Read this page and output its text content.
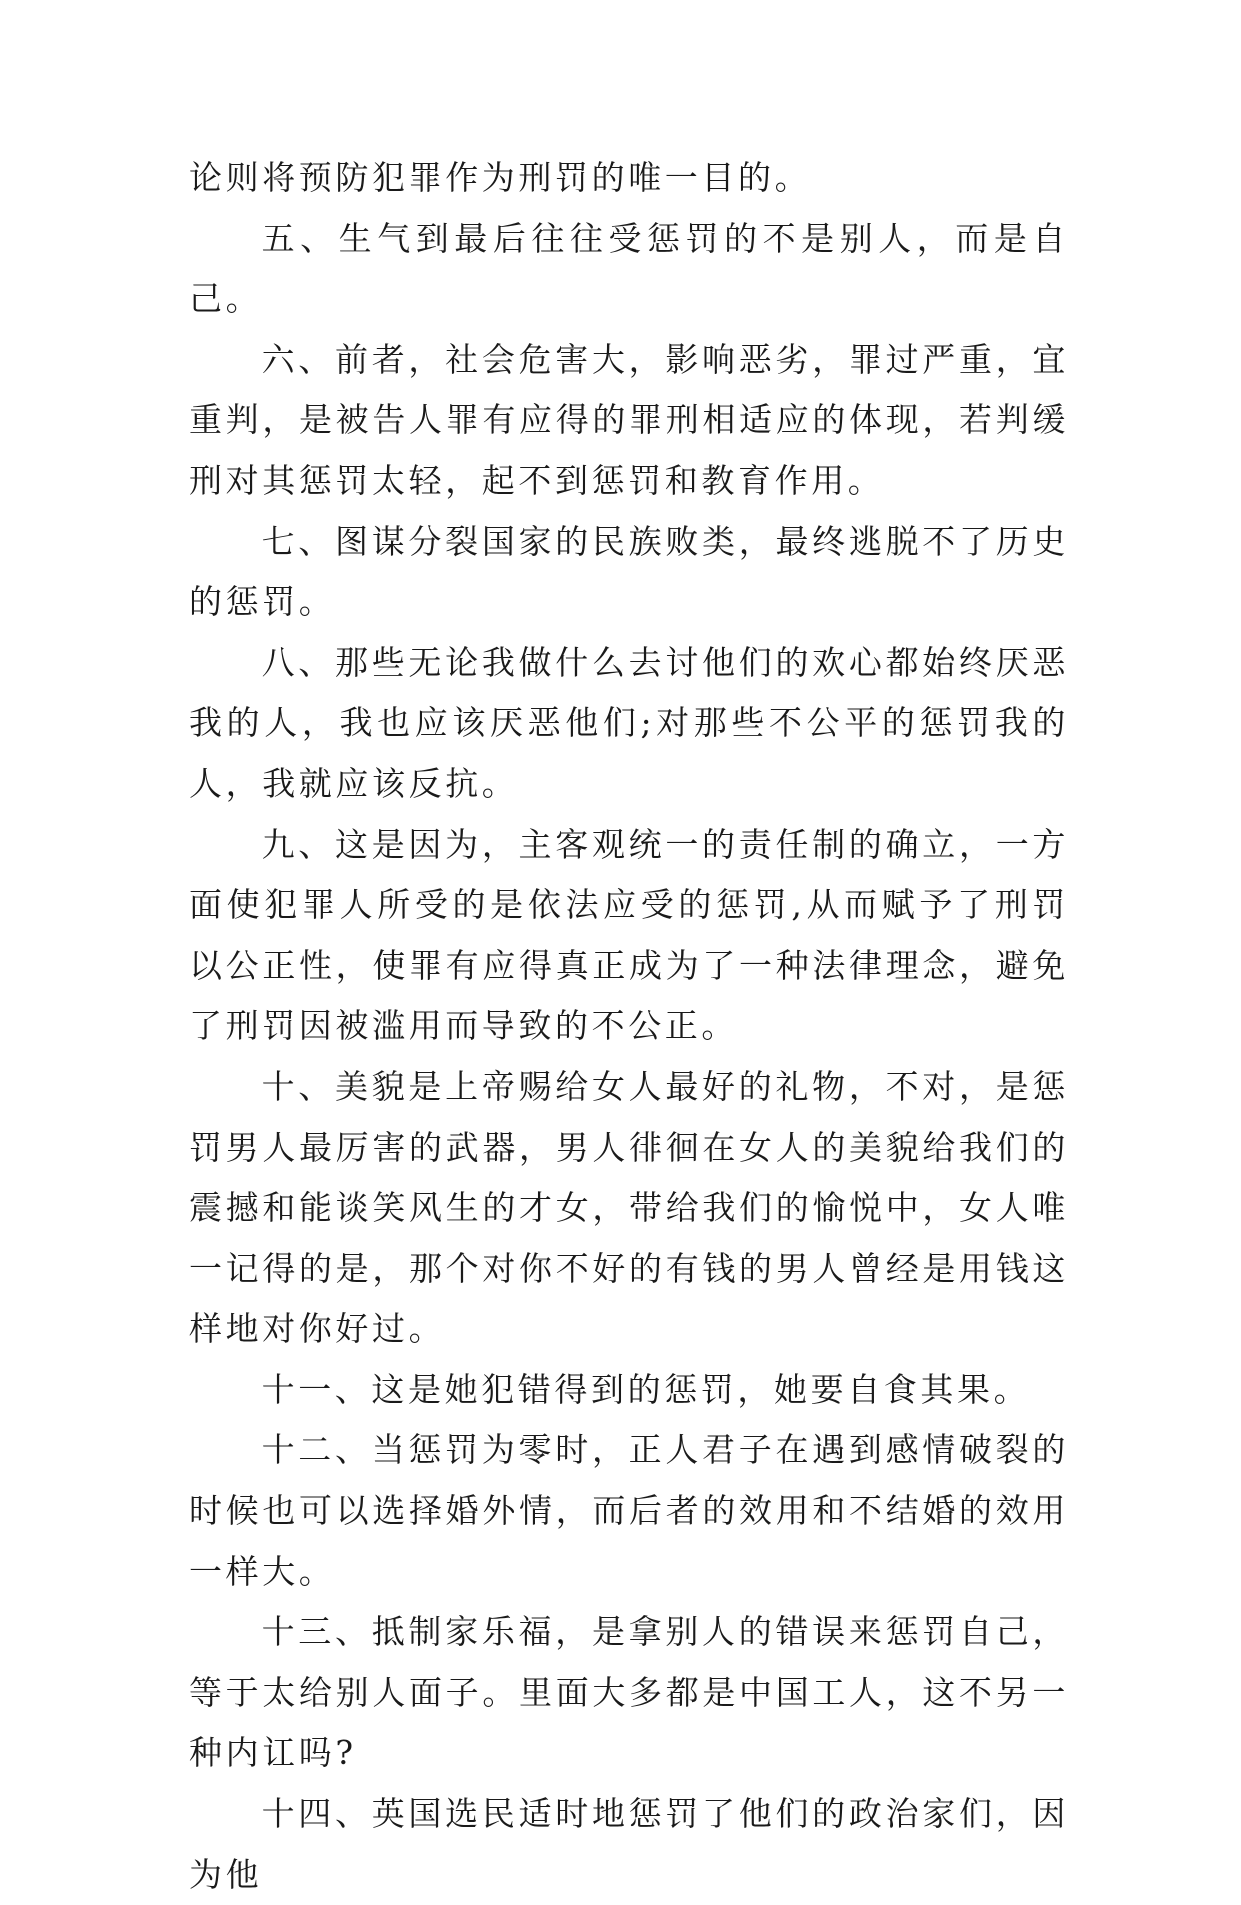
论则将预防犯罪作为刑罚的唯一目的。

五、生气到最后往往受惩罚的不是别人，而是自己。

六、前者，社会危害大，影响恶劣，罪过严重，宜重判，是被告人罪有应得的罪刑相适应的体现，若判缓刑对其惩罚太轻，起不到惩罚和教育作用。

七、图谋分裂国家的民族败类，最终逃脱不了历史的惩罚。

八、那些无论我做什么去讨他们的欢心都始终厌恶我的人，我也应该厌恶他们;对那些不公平的惩罚我的人，我就应该反抗。

九、这是因为，主客观统一的责任制的确立，一方面使犯罪人所受的是依法应受的惩罚,从而赋予了刑罚以公正性，使罪有应得真正成为了一种法律理念，避免了刑罚因被滥用而导致的不公正。

十、美貌是上帝赐给女人最好的礼物，不对，是惩罚男人最厉害的武器，男人徘徊在女人的美貌给我们的震撼和能谈笑风生的才女，带给我们的愉悦中，女人唯一记得的是，那个对你不好的有钱的男人曾经是用钱这样地对你好过。

十一、这是她犯错得到的惩罚，她要自食其果。

十二、当惩罚为零时，正人君子在遇到感情破裂的时候也可以选择婚外情，而后者的效用和不结婚的效用一样大。

十三、抵制家乐福，是拿别人的错误来惩罚自己，等于太给别人面子。里面大多都是中国工人，这不另一种内讧吗?

十四、英国选民适时地惩罚了他们的政治家们，因为他
